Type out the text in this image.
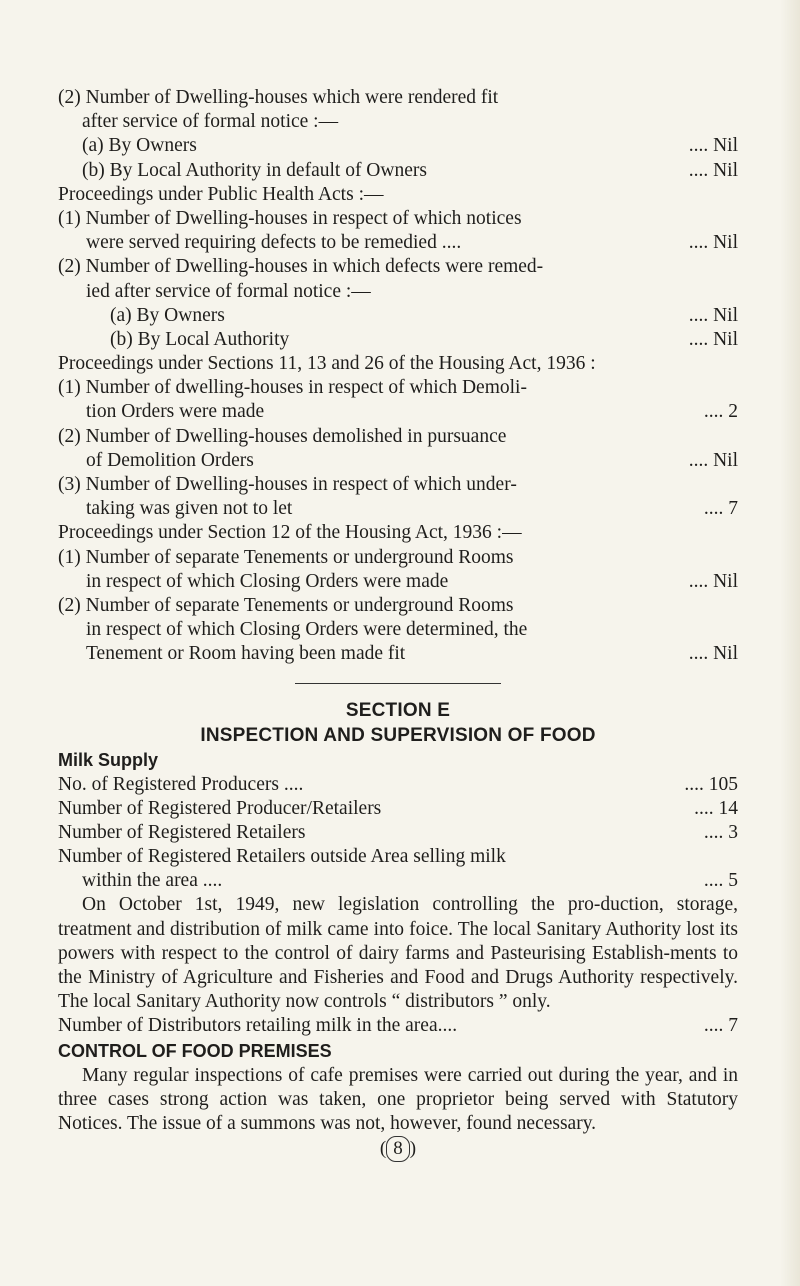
(2) Number of Dwelling-houses which were rendered fit
after service of formal notice :—
(a) By Owners	.... Nil
(b) By Local Authority in default of Owners	.... Nil
Proceedings under Public Health Acts :—
(1) Number of Dwelling-houses in respect of which notices
were served requiring defects to be remedied ....	.... Nil
(2) Number of Dwelling-houses in which defects were remed-
ied after service of formal notice :—
(a) By Owners	.... Nil
(b) By Local Authority	.... Nil
Proceedings under Sections 11, 13 and 26 of the Housing Act, 1936 :
(1) Number of dwelling-houses in respect of which Demoli-
tion Orders were made	.... 2
(2) Number of Dwelling-houses demolished in pursuance
of Demolition Orders	.... Nil
(3) Number of Dwelling-houses in respect of which under-
taking was given not to let	.... 7
Proceedings under Section 12 of the Housing Act, 1936 :—
(1) Number of separate Tenements or underground Rooms
in respect of which Closing Orders were made	.... Nil
(2) Number of separate Tenements or underground Rooms
in respect of which Closing Orders were determined, the
Tenement or Room having been made fit	.... Nil
SECTION E
INSPECTION AND SUPERVISION OF FOOD
Milk Supply
No. of Registered Producers ....	.... 105
Number of Registered Producer/Retailers	.... 14
Number of Registered Retailers	.... 3
Number of Registered Retailers outside Area selling milk
within the area ....	.... 5

On October 1st, 1949, new legislation controlling the pro-duction, storage, treatment and distribution of milk came into foice. The local Sanitary Authority lost its powers with respect to the control of dairy farms and Pasteurising Establish-ments to the Ministry of Agriculture and Fisheries and Food and Drugs Authority respectively. The local Sanitary Authority now controls “ distributors ” only.

Number of Distributors retailing milk in the area....	.... 7
CONTROL OF FOOD PREMISES

Many regular inspections of cafe premises were carried out during the year, and in three cases strong action was taken, one proprietor being served with Statutory Notices. The issue of a summons was not, however, found necessary.

( 8 )
